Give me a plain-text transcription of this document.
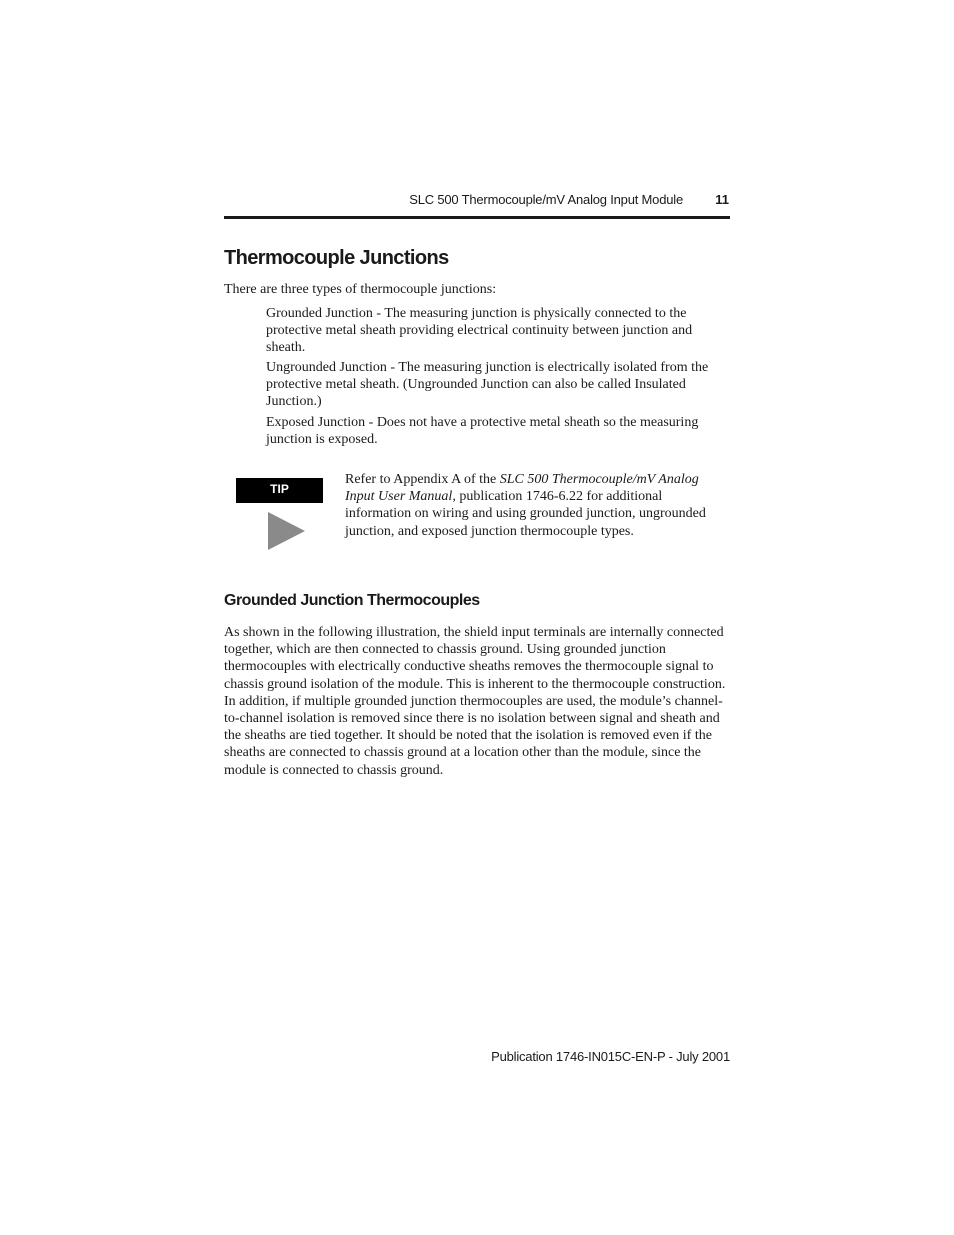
SLC 500 Thermocouple/mV Analog Input Module 11
Thermocouple Junctions

There are three types of thermocouple junctions:

Grounded Junction - The measuring junction is physically connected to the protective metal sheath providing electrical continuity between junction and sheath.

Ungrounded Junction - The measuring junction is electrically isolated from the protective metal sheath. (Ungrounded Junction can also be called Insulated Junction.)

Exposed Junction - Does not have a protective metal sheath so the measuring junction is exposed.

TIP

Refer to Appendix A of the SLC 500 Thermocouple/mV Analog Input User Manual, publication 1746-6.22 for additional information on wiring and using grounded junction, ungrounded junction, and exposed junction thermocouple types.

Grounded Junction Thermocouples

As shown in the following illustration, the shield input terminals are internally connected together, which are then connected to chassis ground. Using grounded junction thermocouples with electrically conductive sheaths removes the thermocouple signal to chassis ground isolation of the module. This is inherent to the thermocouple construction. In addition, if multiple grounded junction thermocouples are used, the module’s channel-to-channel isolation is removed since there is no isolation between signal and sheath and the sheaths are tied together. It should be noted that the isolation is removed even if the sheaths are connected to chassis ground at a location other than the module, since the module is connected to chassis ground.

Publication 1746-IN015C-EN-P - July 2001
